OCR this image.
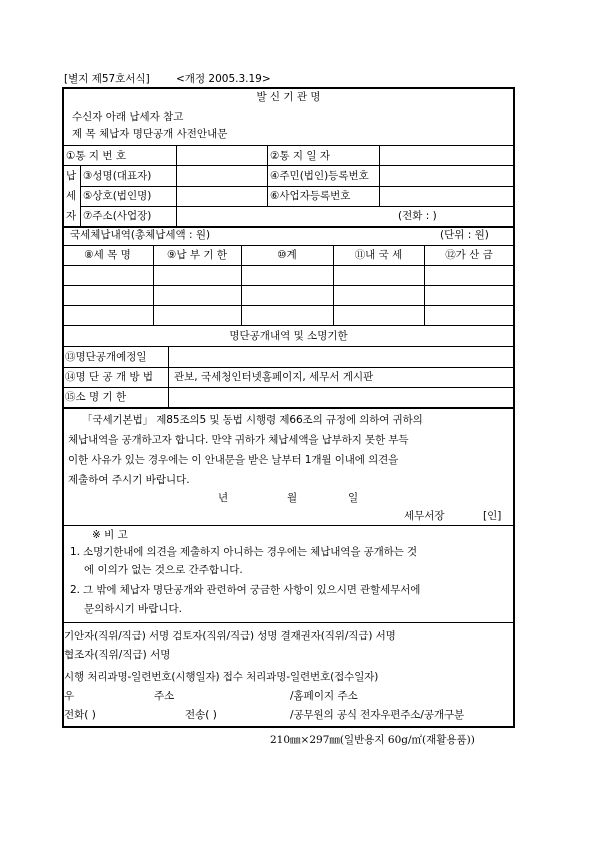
[별지 제57호서식]	<개정 2005.3.19>
발 신 기 관 명
수신자 아래 납세자 참고
제 목 체납자 명단공개 사전안내문
①통 지 번 호	②통 지 일 자
납
세
자
③성명(대표자)	④주민(법인)등록번호
⑤상호(법인명)	⑥사업자등록번호
⑦주소(사업장)	(전화 : )
국세체납내역(총체납세액 : 원)	(단위 : 원)
⑧세 목 명	⑨납 부 기 한	⑩계	⑪내 국 세	⑫가 산 금
명단공개내역 및 소명기한
⑬명단공개예정일
⑭명 단 공 개 방 법 관보, 국세청인터넷홈페이지, 세무서 게시판
⑮소 명 기 한
「국세기본법」 제85조의5 및 동법 시행령 제66조의 규정에 의하여 귀하의
체납내역을 공개하고자 합니다. 만약 귀하가 체납세액을 납부하지 못한 부득
이한 사유가 있는 경우에는 이 안내문을 받은 날부터 1개월 이내에 의견을
제출하여 주시기 바랍니다.
년	월	일
세무서장	[인]
※ 비 고
1. 소명기한내에 의견을 제출하지 아니하는 경우에는 체납내역을 공개하는 것
에 이의가 없는 것으로 간주합니다.
2. 그 밖에 체납자 명단공개와 관련하여 궁금한 사항이 있으시면 관할세무서에
문의하시기 바랍니다.
기안자(직위/직급) 서명 검토자(직위/직급) 성명 결재권자(직위/직급) 서명
협조자(직위/직급) 서명
시행 처리과명-일련번호(시행일자) 접수 처리과명-일련번호(접수일자)
우	주소	/홈페이지 주소
전화( )	전송( )	/공무원의 공식 전자우편주소/공개구분
210㎜×297㎜(일반용지 60g/㎡(재활용품))
